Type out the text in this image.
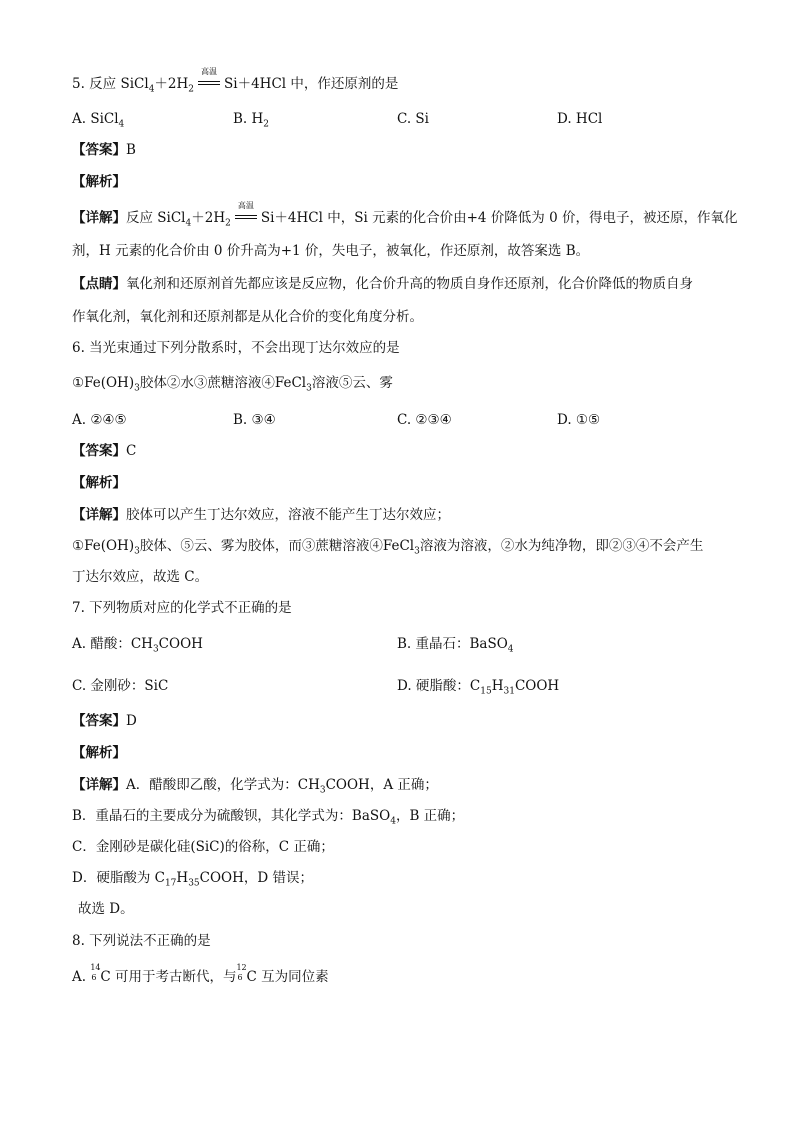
5. 反应 $SiCl_4+2H_2$
高温
Si＋4HCl 中，作还原剂的是
A. SiCl$_4$	B. $H_2$	C. Si	D. HCl
【答案】B
【解析】
【详解】反应 $SiCl_4+2H_2$
高温
Si＋4HCl 中，Si 元素的化合价由+4 价降低为 0 价，得电子，被还原，作氧化
剂，H 元素的化合价由 0 价升高为+1 价，失电子，被氧化，作还原剂，故答案选 B。
【点睛】氧化剂和还原剂首先都应该是反应物，化合价升高的物质自身作还原剂，化合价降低的物质自身
作氧化剂，氧化剂和还原剂都是从化合价的变化角度分析。
6. 当光束通过下列分散系时，不会出现丁达尔效应的是
$①Fe(OH)_3$胶体②水③蔗糖溶液④FeCl$_3$溶液⑤云、雾
A. ②④⑤	B. ③④	C. ②③④	D. ①⑤
【答案】C
【解析】
【详解】胶体可以产生丁达尔效应，溶液不能产生丁达尔效应；
$①Fe(OH)_3$胶体、⑤云、雾为胶体，而③蔗糖溶液④FeCl$_3$溶液为溶液，②水为纯净物，即②③④不会产生
丁达尔效应，故选 C。
7. 下列物质对应的化学式不正确的是
A. 醋酸：$CH_3COOH$	B. 重晶石：BaSO$_4$
C. 金刚砂：SiC	D. 硬脂酸：$C_{15}H_{31}COOH$
【答案】D
【解析】
【详解】A．醋酸即乙酸，化学式为：$CH_3COOH$，A 正确；
B．重晶石的主要成分为硫酸钡，其化学式为：BaSO$_4$，B 正确；
C．金刚砂是碳化硅(SiC)的俗称，C 正确；
D．硬脂酸为 $C_{17}H_{35}COOH$，D 错误；
故选 D。
8. 下列说法不正确的是
A.
14
6 C 可用于考古断代，与
12
6 C 互为同位素
